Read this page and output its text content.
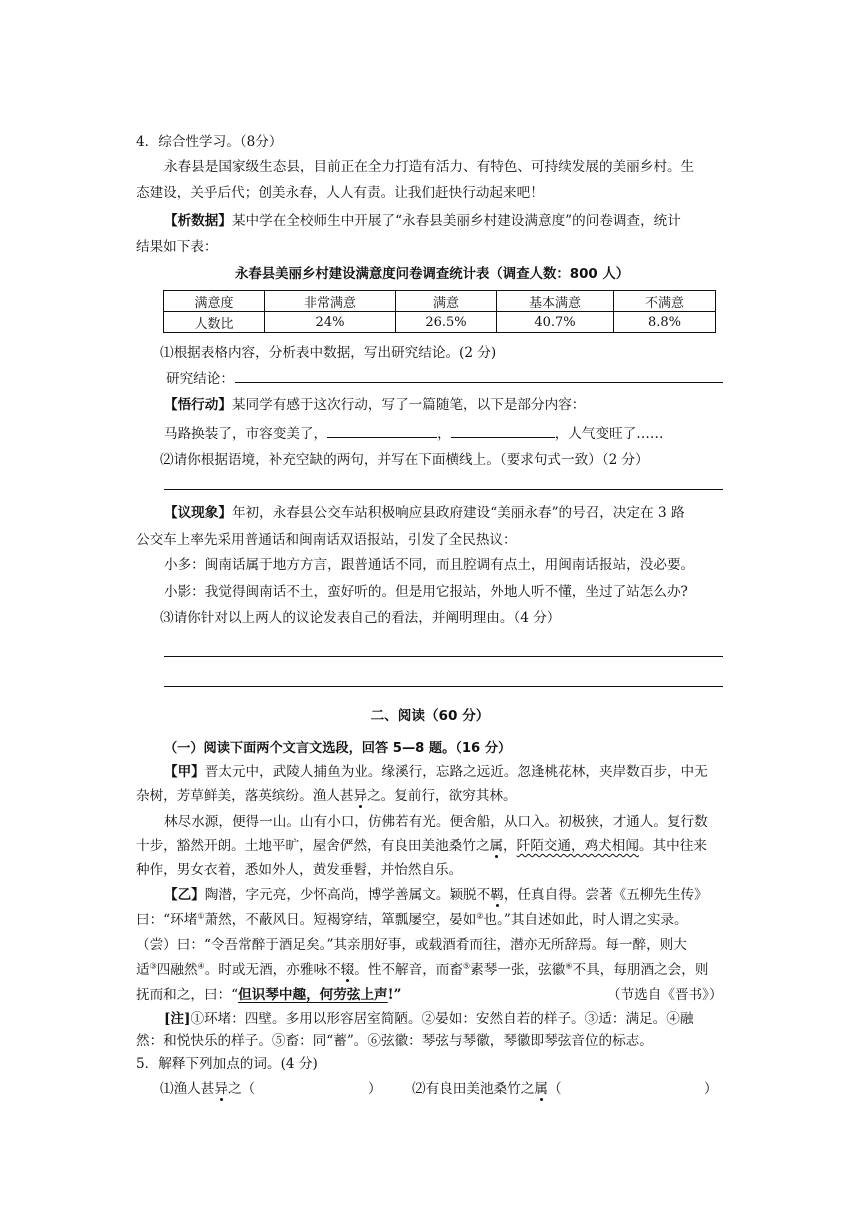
4．综合性学习。（8分）
永春县是国家级生态县，目前正在全力打造有活力、有特色、可持续发展的美丽乡村。生
态建设，关乎后代；创美永春，人人有责。让我们赶快行动起来吧！
【析数据】某中学在全校师生中开展了“永春县美丽乡村建设满意度”的问卷调查，统计
结果如下表：
永春县美丽乡村建设满意度问卷调查统计表（调查人数：800 人）
满意度	非常满意	满意	基本满意	不满意
人数比	24%	26.5%	40.7%	8.8%
⑴根据表格内容，分析表中数据，写出研究结论。(2 分)
研究结论：
【悟行动】某同学有感于这次行动，写了一篇随笔，以下是部分内容：
马路换装了，市容变美了，	，	，人气变旺了……
⑵请你根据语境，补充空缺的两句，并写在下面横线上。（要求句式一致）（2 分）
【议现象】年初，永春县公交车站积极响应县政府建设“美丽永春”的号召，决定在 3 路
公交车上率先采用普通话和闽南话双语报站，引发了全民热议：
小多：闽南话属于地方方言，跟普通话不同，而且腔调有点土，用闽南话报站，没必要。
小影：我觉得闽南话不土，蛮好听的。但是用它报站，外地人听不懂，坐过了站怎么办?
⑶请你针对以上两人的议论发表自己的看法，并阐明理由。（4 分）
二、阅读（60 分）
（一）阅读下面两个文言文选段，回答 5—8 题。（16 分）
【甲】晋太元中，武陵人捕鱼为业。缘溪行，忘路之远近。忽逢桃花林，夹岸数百步，中无
杂树，芳草鲜美，落英缤纷。渔人甚异之。复前行，欲穷其林。
林尽水源，便得一山。山有小口，仿佛若有光。便舍船，从口入。初极狭，才通人。复行数
十步，豁然开朗。土地平旷，屋舍俨然，有良田美池桑竹之属，阡陌交通，鸡犬相闻。其中往来
种作，男女衣着，悉如外人，黄发垂髫，并怡然自乐。
【乙】陶潜，字元亮，少怀高尚，博学善属文。颖脱不羁，任真自得。尝著《五柳先生传》
曰：“环堵①萧然，不蔽风日。短褐穿结，箪瓢屡空，晏如②也。”其自述如此，时人谓之实录。
（尝）曰：“令吾常醉于酒足矣。”其亲朋好事，或载酒肴而往，潜亦无所辞焉。每一醉，则大
适③四融然④。时或无酒，亦雅咏不辍。性不解音，而畜⑤素琴一张，弦徽⑥不具，每朋酒之会，则
抚而和之，曰：“但识琴中趣，何劳弦上声!”	（节选自《晋书》）
[注]①环堵：四壁。多用以形容居室简陋。②晏如：安然自若的样子。③适：满足。④融
然：和悦快乐的样子。⑤畜：同“蓄”。⑥弦徽：琴弦与琴徽，琴徽即琴弦音位的标志。
5．解释下列加点的词。(4 分)
⑴渔人甚异之（	） ⑵有良田美池桑竹之属（	）
